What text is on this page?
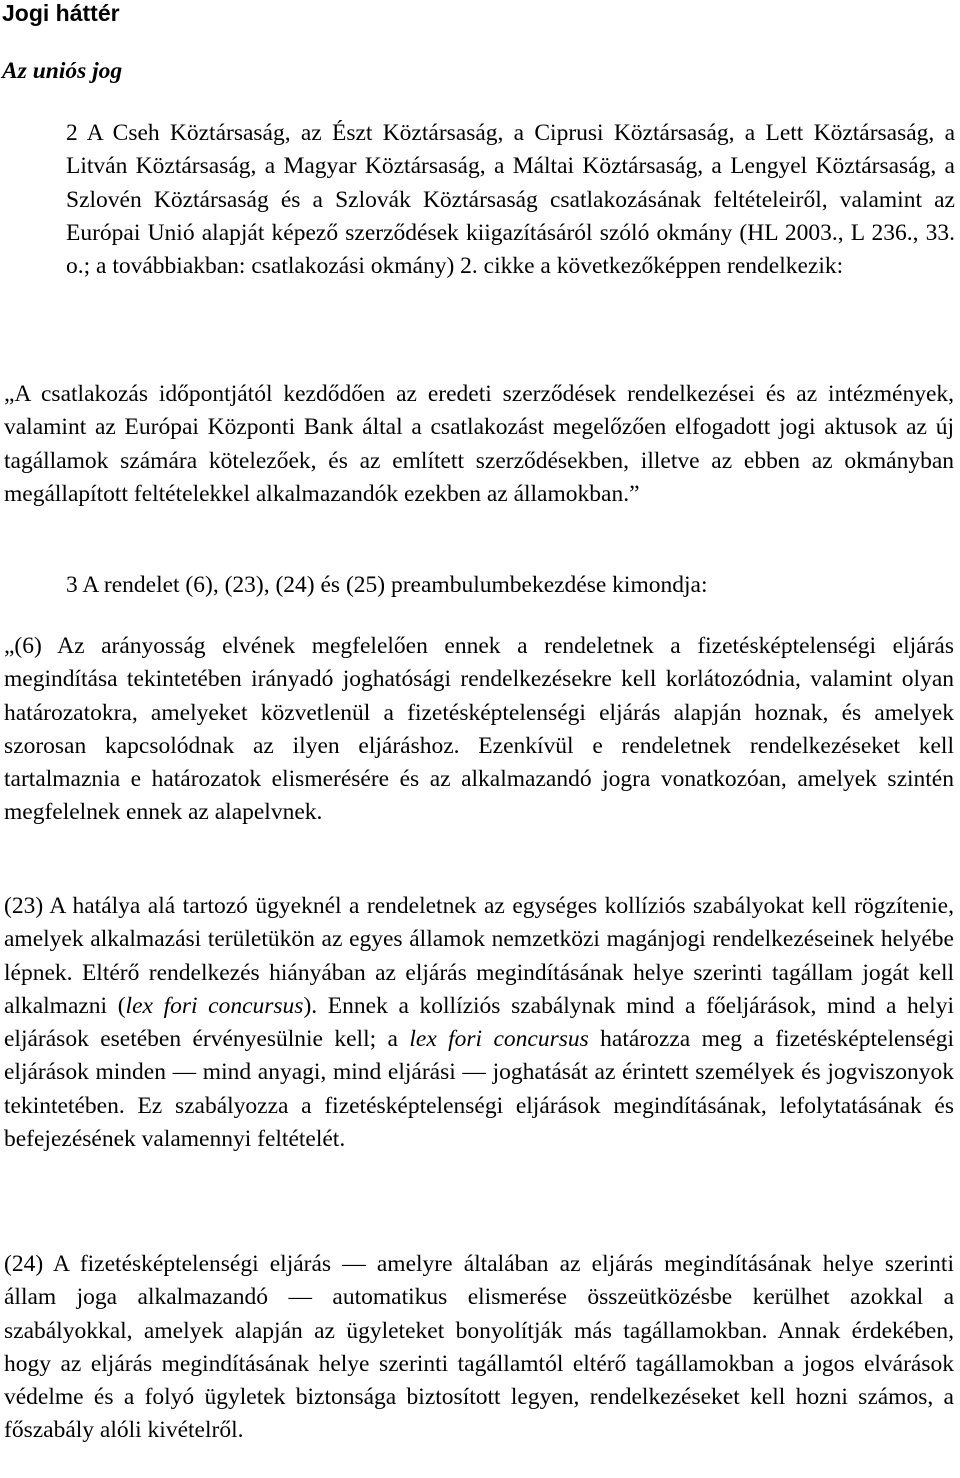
Jogi háttér
Az uniós jog

2 A Cseh Köztársaság, az Észt Köztársaság, a Ciprusi Köztársaság, a Lett Köztársaság, a Litván Köztársaság, a Magyar Köztársaság, a Máltai Köztársaság, a Lengyel Köztársaság, a Szlovén Köztársaság és a Szlovák Köztársaság csatlakozásának feltételeiről, valamint az Európai Unió alapját képező szerződések kiigazításáról szóló okmány (HL 2003., L 236., 33. o.; a továbbiakban: csatlakozási okmány) 2. cikke a következőképpen rendelkezik:

„A csatlakozás időpontjától kezdődően az eredeti szerződések rendelkezései és az intézmények, valamint az Európai Központi Bank által a csatlakozást megelőzően elfogadott jogi aktusok az új tagállamok számára kötelezőek, és az említett szerződésekben, illetve az ebben az okmányban megállapított feltételekkel alkalmazandók ezekben az államokban.”

3 A rendelet (6), (23), (24) és (25) preambulumbekezdése kimondja:

„(6) Az arányosság elvének megfelelően ennek a rendeletnek a fizetésképtelenségi eljárás megindítása tekintetében irányadó joghatósági rendelkezésekre kell korlátozódnia, valamint olyan határozatokra, amelyeket közvetlenül a fizetésképtelenségi eljárás alapján hoznak, és amelyek szorosan kapcsolódnak az ilyen eljáráshoz. Ezenkívül e rendeletnek rendelkezéseket kell tartalmaznia e határozatok elismerésére és az alkalmazandó jogra vonatkozóan, amelyek szintén megfelelnek ennek az alapelvnek.

(23) A hatálya alá tartozó ügyeknél a rendeletnek az egységes kollíziós szabályokat kell rögzítenie, amelyek alkalmazási területükön az egyes államok nemzetközi magánjogi rendelkezéseinek helyébe lépnek. Eltérő rendelkezés hiányában az eljárás megindításának helye szerinti tagállam jogát kell alkalmazni (lex fori concursus). Ennek a kollíziós szabálynak mind a főeljárások, mind a helyi eljárások esetében érvényesülnie kell; a lex fori concursus határozza meg a fizetésképtelenségi eljárások minden — mind anyagi, mind eljárási — joghatását az érintett személyek és jogviszonyok tekintetében. Ez szabályozza a fizetésképtelenségi eljárások megindításának, lefolytatásának és befejezésének valamennyi feltételét.

(24) A fizetésképtelenségi eljárás — amelyre általában az eljárás megindításának helye szerinti állam joga alkalmazandó — automatikus elismerése összeütközésbe kerülhet azokkal a szabályokkal, amelyek alapján az ügyleteket bonyolítják más tagállamokban. Annak érdekében, hogy az eljárás megindításának helye szerinti tagállamtól eltérő tagállamokban a jogos elvárások védelme és a folyó ügyletek biztonsága biztosított legyen, rendelkezéseket kell hozni számos, a főszabály alóli kivételről.
